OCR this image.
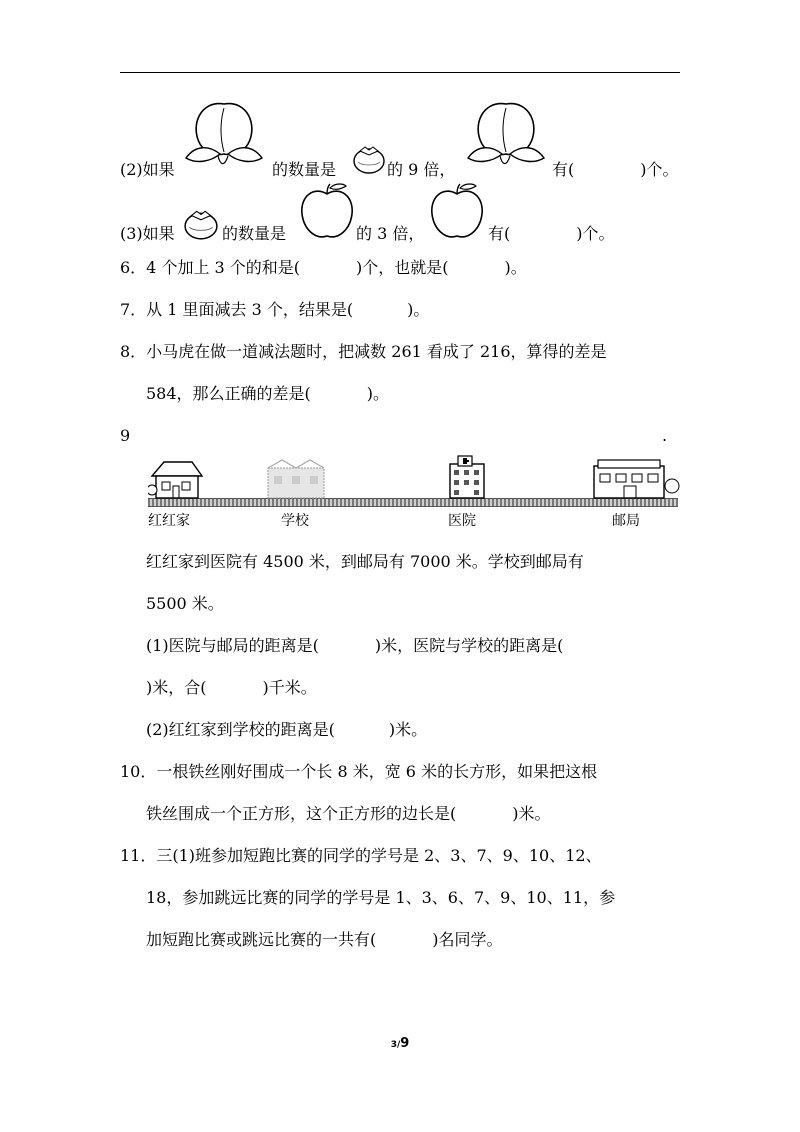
(2)如果	的数量是	的 9 倍，	有(	)个。
(3)如果	的数量是	的 3 倍，	有(	)个。
6．4 个加上 3 个的和是(	)个，也就是(	)。
7．从 1 里面减去 3 个，结果是(	)。
8．小马虎在做一道减法题时，把减数 261 看成了 216，算得的差是
584，那么正确的差是(	)。
9	.
红红家	学校	医院	邮局
红红家到医院有 4500 米，到邮局有 7000 米。学校到邮局有
5500 米。
(1)医院与邮局的距离是(	)米，医院与学校的距离是(
)米，合(	)千米。
(2)红红家到学校的距离是(	)米。
10．一根铁丝刚好围成一个长 8 米，宽 6 米的长方形，如果把这根
铁丝围成一个正方形，这个正方形的边长是(	)米。
11．三(1)班参加短跑比赛的同学的学号是 2、3、7、9、10、12、
18，参加跳远比赛的同学的学号是 1、3、6、7、9、10、11，参
加短跑比赛或跳远比赛的一共有(	)名同学。
3/9
